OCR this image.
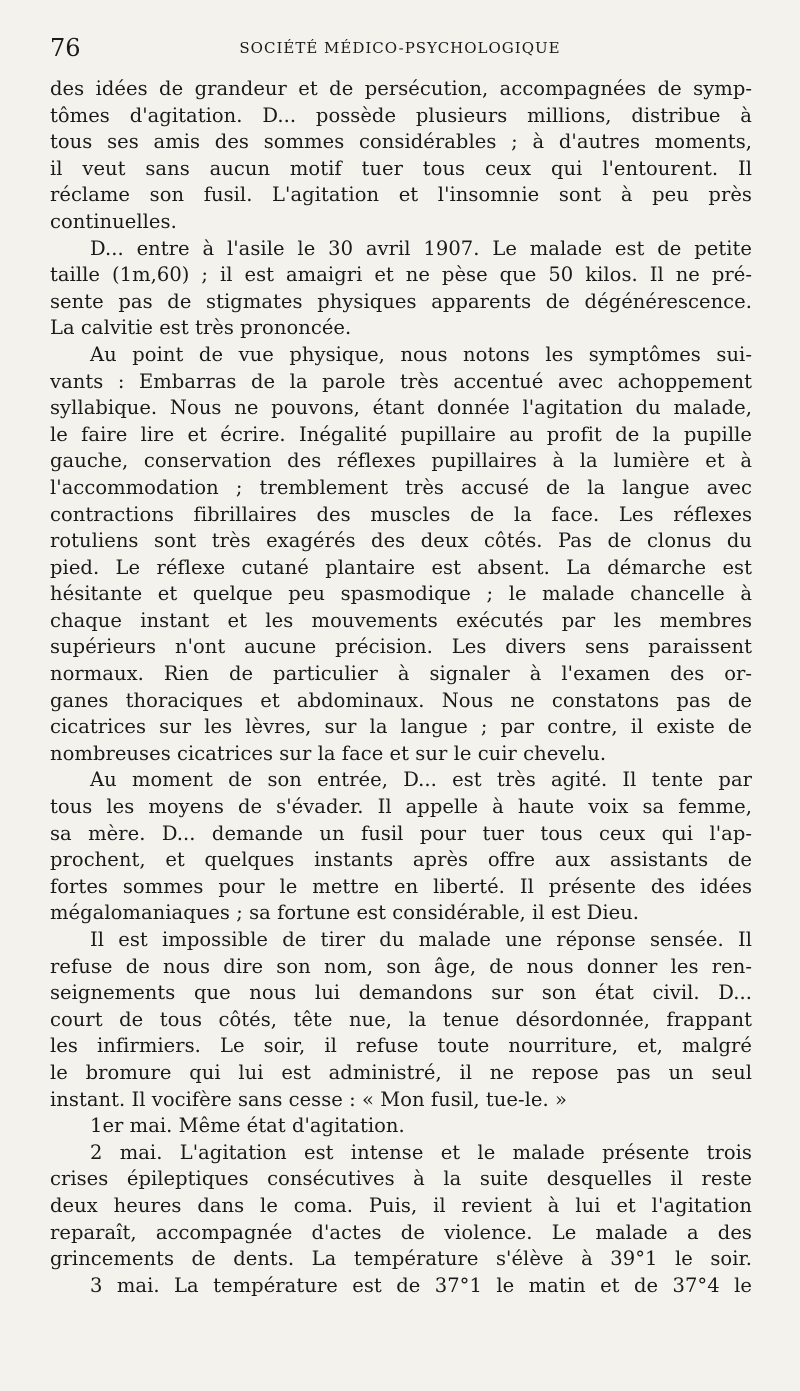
76	SOCIÉTÉ MÉDICO-PSYCHOLOGIQUE
des idées de grandeur et de persécution, accompagnées de symp-
tômes d'agitation. D... possède plusieurs millions, distribue à
tous ses amis des sommes considérables ; à d'autres moments,
il veut sans aucun motif tuer tous ceux qui l'entourent. Il
réclame son fusil. L'agitation et l'insomnie sont à peu près
continuelles.
D... entre à l'asile le 30 avril 1907. Le malade est de petite
taille (1m,60) ; il est amaigri et ne pèse que 50 kilos. Il ne pré-
sente pas de stigmates physiques apparents de dégénérescence.
La calvitie est très prononcée.
Au point de vue physique, nous notons les symptômes sui-
vants : Embarras de la parole très accentué avec achoppement
syllabique. Nous ne pouvons, étant donnée l'agitation du malade,
le faire lire et écrire. Inégalité pupillaire au profit de la pupille
gauche, conservation des réflexes pupillaires à la lumière et à
l'accommodation ; tremblement très accusé de la langue avec
contractions fibrillaires des muscles de la face. Les réflexes
rotuliens sont très exagérés des deux côtés. Pas de clonus du
pied. Le réflexe cutané plantaire est absent. La démarche est
hésitante et quelque peu spasmodique ; le malade chancelle à
chaque instant et les mouvements exécutés par les membres
supérieurs n'ont aucune précision. Les divers sens paraissent
normaux. Rien de particulier à signaler à l'examen des or-
ganes thoraciques et abdominaux. Nous ne constatons pas de
cicatrices sur les lèvres, sur la langue ; par contre, il existe de
nombreuses cicatrices sur la face et sur le cuir chevelu.
Au moment de son entrée, D... est très agité. Il tente par
tous les moyens de s'évader. Il appelle à haute voix sa femme,
sa mère. D... demande un fusil pour tuer tous ceux qui l'ap-
prochent, et quelques instants après offre aux assistants de
fortes sommes pour le mettre en liberté. Il présente des idées
mégalomaniaques ; sa fortune est considérable, il est Dieu.
Il est impossible de tirer du malade une réponse sensée. Il
refuse de nous dire son nom, son âge, de nous donner les ren-
seignements que nous lui demandons sur son état civil. D...
court de tous côtés, tête nue, la tenue désordonnée, frappant
les infirmiers. Le soir, il refuse toute nourriture, et, malgré
le bromure qui lui est administré, il ne repose pas un seul
instant. Il vocifère sans cesse : « Mon fusil, tue-le. »
1er mai. Même état d'agitation.
2 mai. L'agitation est intense et le malade présente trois
crises épileptiques consécutives à la suite desquelles il reste
deux heures dans le coma. Puis, il revient à lui et l'agitation
reparaît, accompagnée d'actes de violence. Le malade a des
grincements de dents. La température s'élève à 39°1 le soir.
3 mai. La température est de 37°1 le matin et de 37°4 le
